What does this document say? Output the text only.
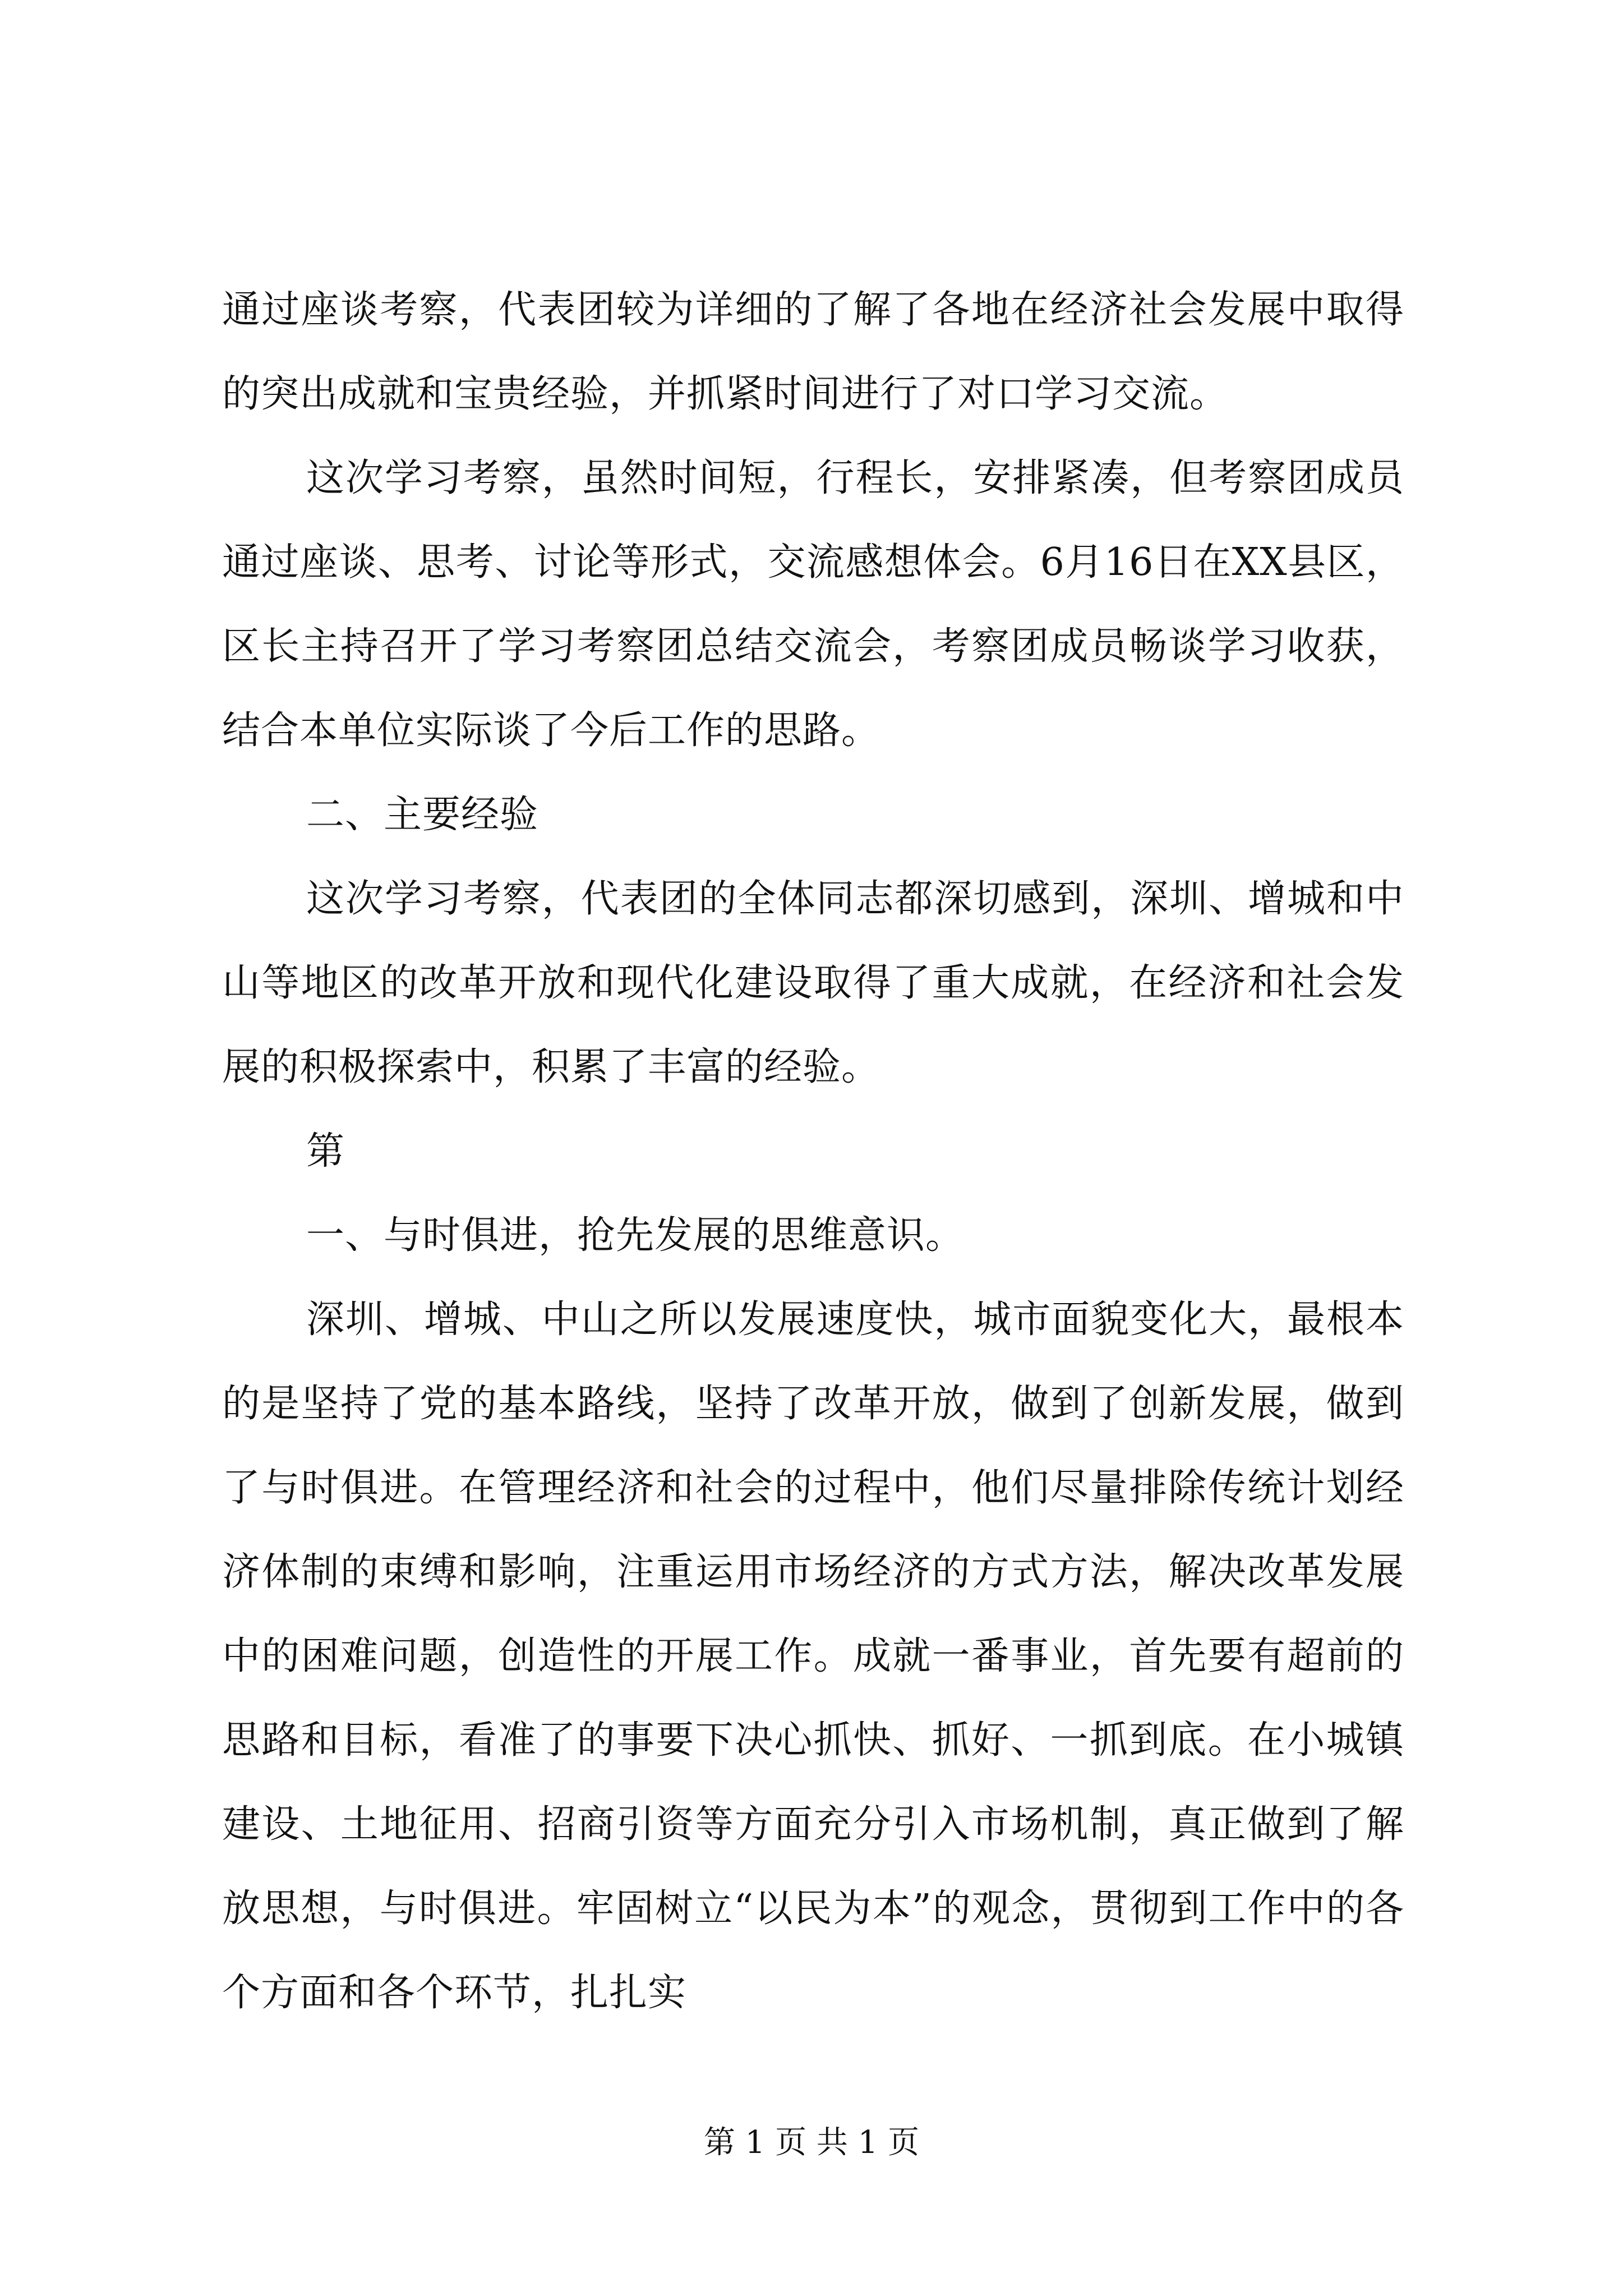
通过座谈考察，代表团较为详细的了解了各地在经济社会发展中取得的突出成就和宝贵经验，并抓紧时间进行了对口学习交流。

这次学习考察，虽然时间短，行程长，安排紧凑，但考察团成员通过座谈、思考、讨论等形式，交流感想体会。6月16日在XX县区，区长主持召开了学习考察团总结交流会，考察团成员畅谈学习收获，结合本单位实际谈了今后工作的思路。

二、主要经验

这次学习考察，代表团的全体同志都深切感到，深圳、增城和中山等地区的改革开放和现代化建设取得了重大成就，在经济和社会发展的积极探索中，积累了丰富的经验。

第

一、与时俱进，抢先发展的思维意识。

深圳、增城、中山之所以发展速度快，城市面貌变化大，最根本的是坚持了党的基本路线，坚持了改革开放，做到了创新发展，做到了与时俱进。在管理经济和社会的过程中，他们尽量排除传统计划经济体制的束缚和影响，注重运用市场经济的方式方法，解决改革发展中的困难问题，创造性的开展工作。成就一番事业，首先要有超前的思路和目标，看准了的事要下决心抓快、抓好、一抓到底。在小城镇建设、土地征用、招商引资等方面充分引入市场机制，真正做到了解放思想，与时俱进。牢固树立“以民为本”的观念，贯彻到工作中的各个方面和各个环节，扎扎实

第 1 页 共 1 页
